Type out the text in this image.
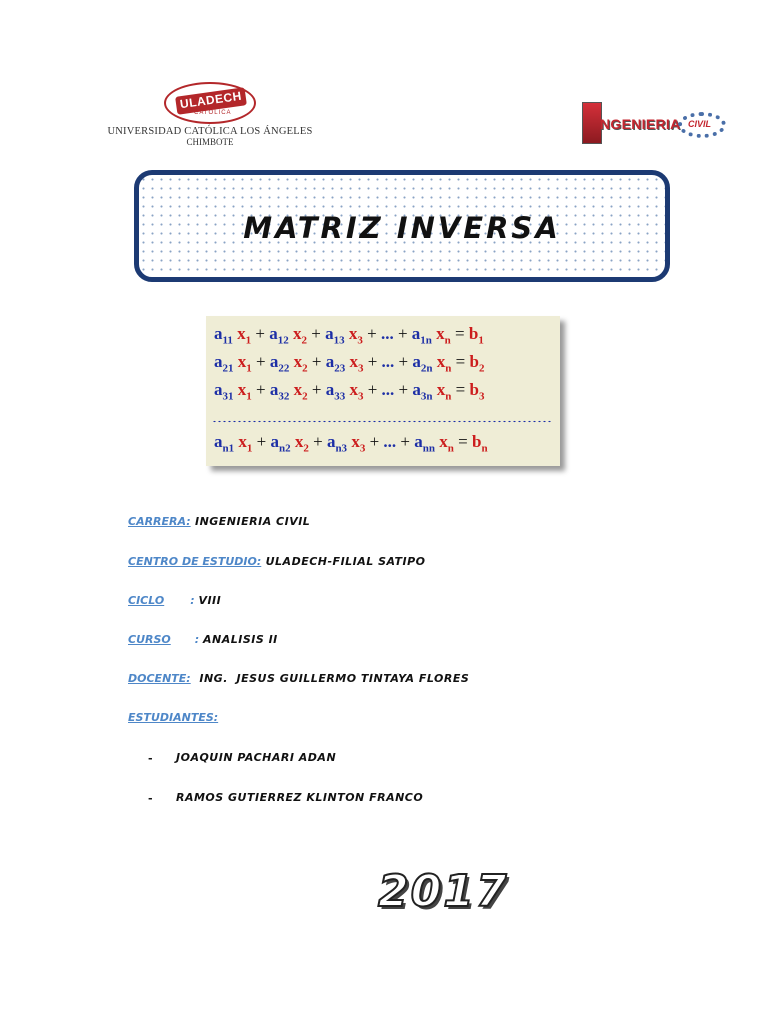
ULADECH
CATÓLICA
UNIVERSIDAD CATÓLICA LOS ÁNGELES
CHIMBOTE
NGENIERIA CIVIL
MATRIZ INVERSA
$a_{11}$ $x_1 + a_{12}$ $x_2 + a_{13}$ $x_3$ + ... + $a_{1n}$ $x_n = b_1$
$a_{21}$ $x_1 + a_{22}$ $x_2 + a_{23}$ $x_3$ + ... + $a_{2n}$ $x_n = b_2$
$a_{31}$ $x_1 + a_{32}$ $x_2 + a_{33}$ $x_3$ + ... + $a_{3n}$ $x_n = b_3$
$a_{n1}$ $x_1 + a_{n2}$ $x_2 + a_{n3}$ $x_3$ + ... + $a_{nn}$ $x_n = b_n$
CARRERA: INGENIERIA CIVIL
CENTRO DE ESTUDIO: ULADECH-FILIAL SATIPO
CICLO : VIII
CURSO : ANALISIS II
DOCENTE:  ING.  JESUS GUILLERMO TINTAYA FLORES
ESTUDIANTES:
- JOAQUIN PACHARI ADAN
- RAMOS GUTIERREZ KLINTON FRANCO
2017
